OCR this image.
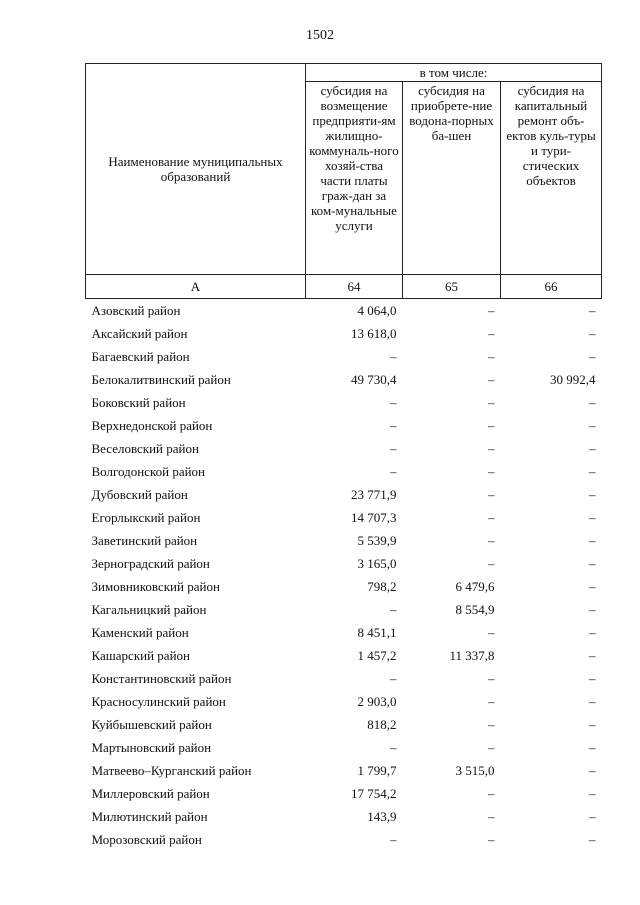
1502
Наименование муниципальных образований	в том числе:		
	субсидия на возмещение предприяти-ям жилищно-коммуналь-ного хозяй-ства части платы граж-дан за ком-мунальные услуги	субсидия на приобрете-ние водона-порных ба-шен	субсидия на капитальный ремонт объ-ектов куль-туры и тури-стических объектов
А	64	65	66
Азовский район	4 064,0	–	–
Аксайский район	13 618,0	–	–
Багаевский район	–	–	–
Белокалитвинский район	49 730,4	–	30 992,4
Боковский район	–	–	–
Верхнедонской район	–	–	–
Веселовский район	–	–	–
Волгодонской район	–	–	–
Дубовский район	23 771,9	–	–
Егорлыкский район	14 707,3	–	–
Заветинский район	5 539,9	–	–
Зерноградский район	3 165,0	–	–
Зимовниковский район	798,2	6 479,6	–
Кагальницкий район	–	8 554,9	–
Каменский район	8 451,1	–	–
Кашарский район	1 457,2	11 337,8	–
Константиновский район	–	–	–
Красносулинский район	2 903,0	–	–
Куйбышевский район	818,2	–	–
Мартыновский район	–	–	–
Матвеево–Курганский район	1 799,7	3 515,0	–
Миллеровский район	17 754,2	–	–
Милютинский район	143,9	–	–
Морозовский район	–	–	–
